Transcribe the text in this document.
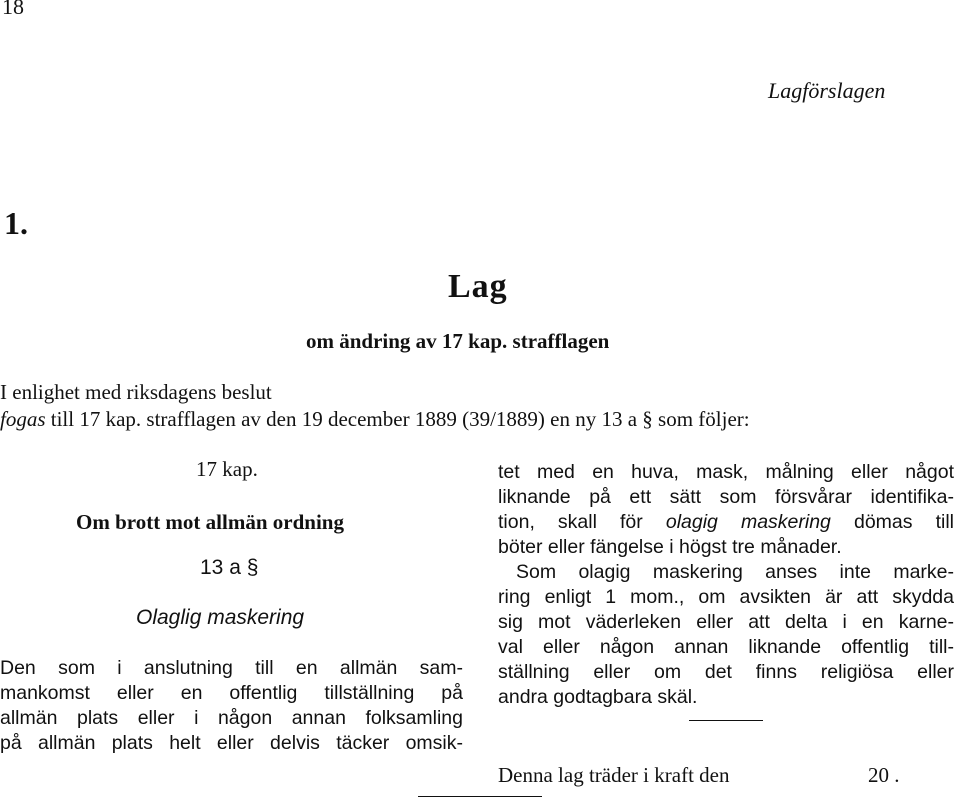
18
Lagförslagen
1.
Lag
om ändring av 17 kap. strafflagen
I enlighet med riksdagens beslut
fogas till 17 kap. strafflagen av den 19 december 1889 (39/1889) en ny 13 a § som följer:
17 kap.
Om brott mot allmän ordning
13 a §
Olaglig maskering
Den som i anslutning till en allmän sam-
mankomst eller en offentlig tillställning på
allmän plats eller i någon annan folksamling
på allmän plats helt eller delvis täcker omsik-
tet med en huva, mask, målning eller något
liknande på ett sätt som försvårar identifika-
tion, skall för olagig maskering dömas till
böter eller fängelse i högst tre månader.
Som olagig maskering anses inte marke-
ring enligt 1 mom., om avsikten är att skydda
sig mot väderleken eller att delta i en karne-
val eller någon annan liknande offentlig till-
ställning eller om det finns religiösa eller
andra godtagbara skäl.
Denna lag träder i kraft den	20 .
